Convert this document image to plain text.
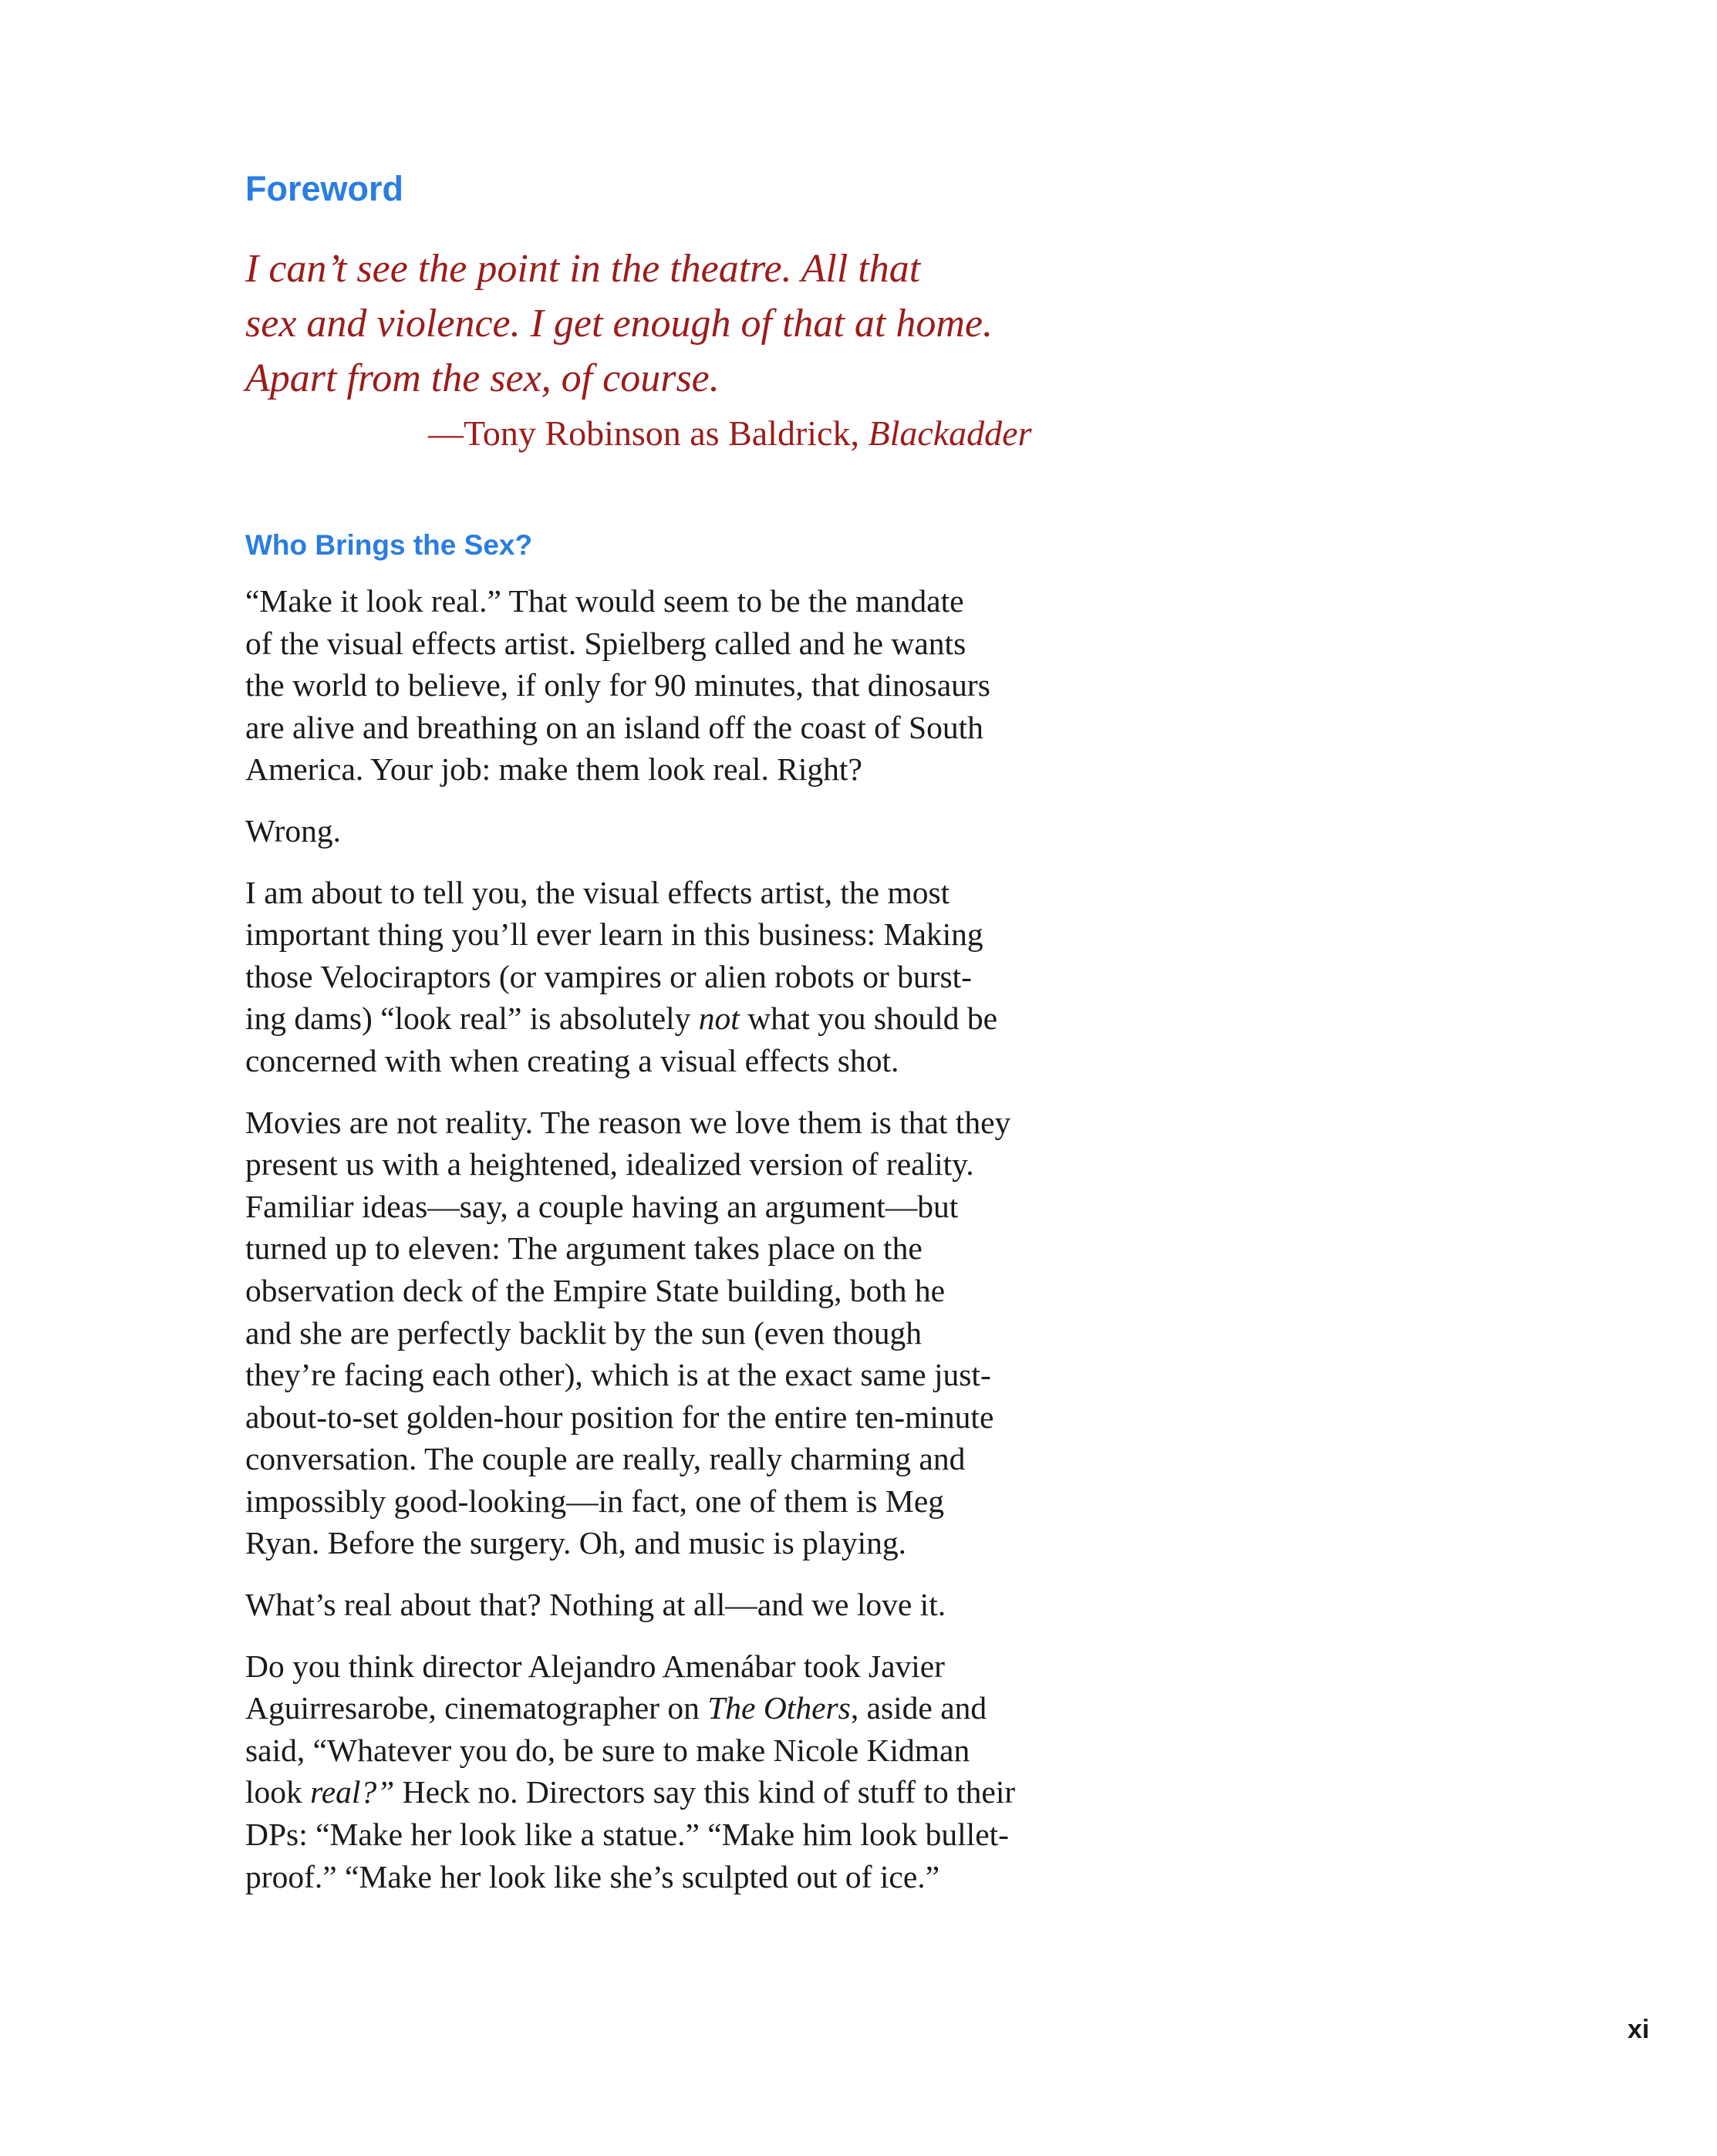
Foreword
I can’t see the point in the theatre. All that
sex and violence. I get enough of that at home.
Apart from the sex, of course.
—Tony Robinson as Baldrick, Blackadder
Who Brings the Sex?

“Make it look real.” That would seem to be the mandate
of the visual effects artist. Spielberg called and he wants
the world to believe, if only for 90 minutes, that dinosaurs
are alive and breathing on an island off the coast of South
America. Your job: make them look real. Right?

Wrong.

I am about to tell you, the visual effects artist, the most
important thing you’ll ever learn in this business: Making
those Velociraptors (or vampires or alien robots or burst-
ing dams) “look real” is absolutely not what you should be
concerned with when creating a visual effects shot.

Movies are not reality. The reason we love them is that they
present us with a heightened, idealized version of reality.
Familiar ideas—say, a couple having an argument—but
turned up to eleven: The argument takes place on the
observation deck of the Empire State building, both he
and she are perfectly backlit by the sun (even though
they’re facing each other), which is at the exact same just-
about-to-set golden-hour position for the entire ten-minute
conversation. The couple are really, really charming and
impossibly good-looking—in fact, one of them is Meg
Ryan. Before the surgery. Oh, and music is playing.

What’s real about that? Nothing at all—and we love it.

Do you think director Alejandro Amenábar took Javier
Aguirresarobe, cinematographer on The Others, aside and
said, “Whatever you do, be sure to make Nicole Kidman
look real?” Heck no. Directors say this kind of stuff to their
DPs: “Make her look like a statue.” “Make him look bullet-
proof.” “Make her look like she’s sculpted out of ice.”

xi
